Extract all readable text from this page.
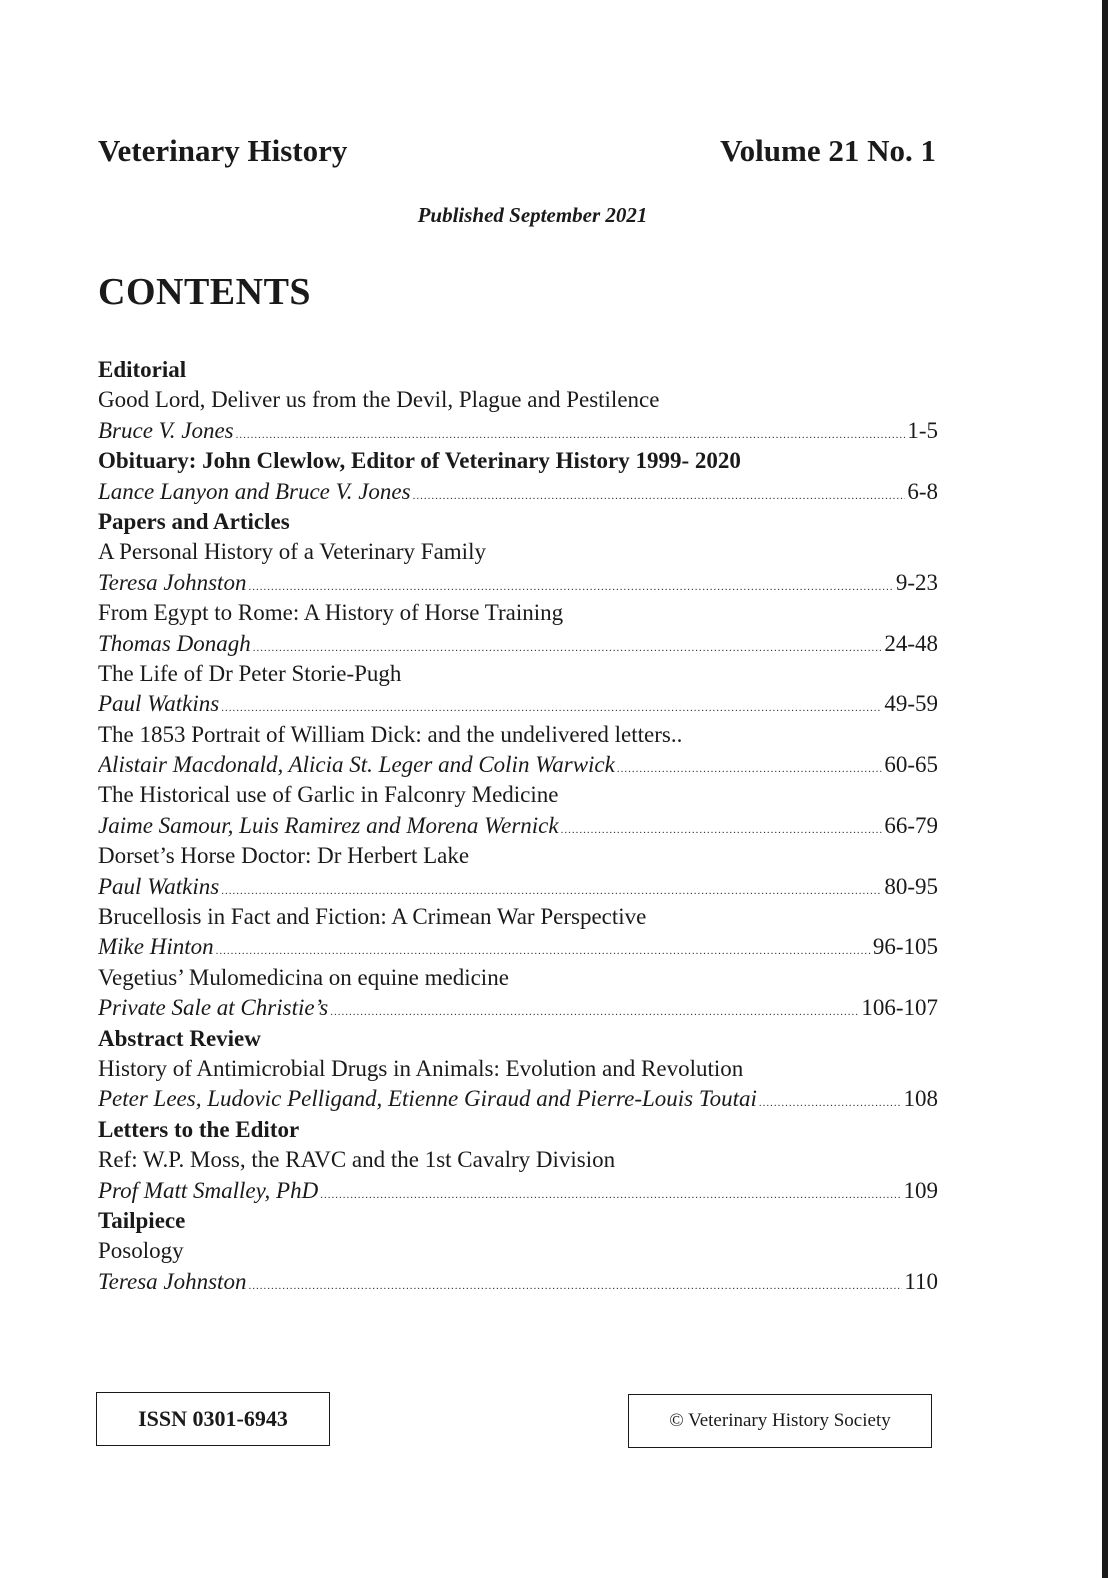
Veterinary History	Volume 21 No. 1
Published September 2021
CONTENTS
Editorial
Good Lord, Deliver us from the Devil, Plague and Pestilence
Bruce V. Jones .....	1-5
Obituary: John Clewlow, Editor of Veterinary History 1999- 2020
Lance Lanyon and Bruce V. Jones .....	6-8
Papers and Articles
A Personal History of a Veterinary Family
Teresa Johnston .....	9-23
From Egypt to Rome: A History of Horse Training
Thomas Donagh .....	24-48
The Life of Dr Peter Storie-Pugh
Paul Watkins .....	49-59
The 1853 Portrait of William Dick: and the undelivered letters..
Alistair Macdonald, Alicia St. Leger and Colin Warwick .....	60-65
The Historical use of Garlic in Falconry Medicine
Jaime Samour, Luis Ramirez and Morena Wernick .....	66-79
Dorset’s Horse Doctor: Dr Herbert Lake
Paul Watkins .....	80-95
Brucellosis in Fact and Fiction: A Crimean War Perspective
Mike Hinton .....	96-105
Vegetius’ Mulomedicina on equine medicine
Private Sale at Christie’s .....	106-107
Abstract Review
History of Antimicrobial Drugs in Animals: Evolution and Revolution
Peter Lees, Ludovic Pelligand, Etienne Giraud and Pierre-Louis Toutai .....	108
Letters to the Editor
Ref: W.P. Moss, the RAVC and the 1st Cavalry Division
Prof Matt Smalley, PhD .....	109
Tailpiece
Posology
Teresa Johnston .....	110
ISSN 0301-6943	© Veterinary History Society
